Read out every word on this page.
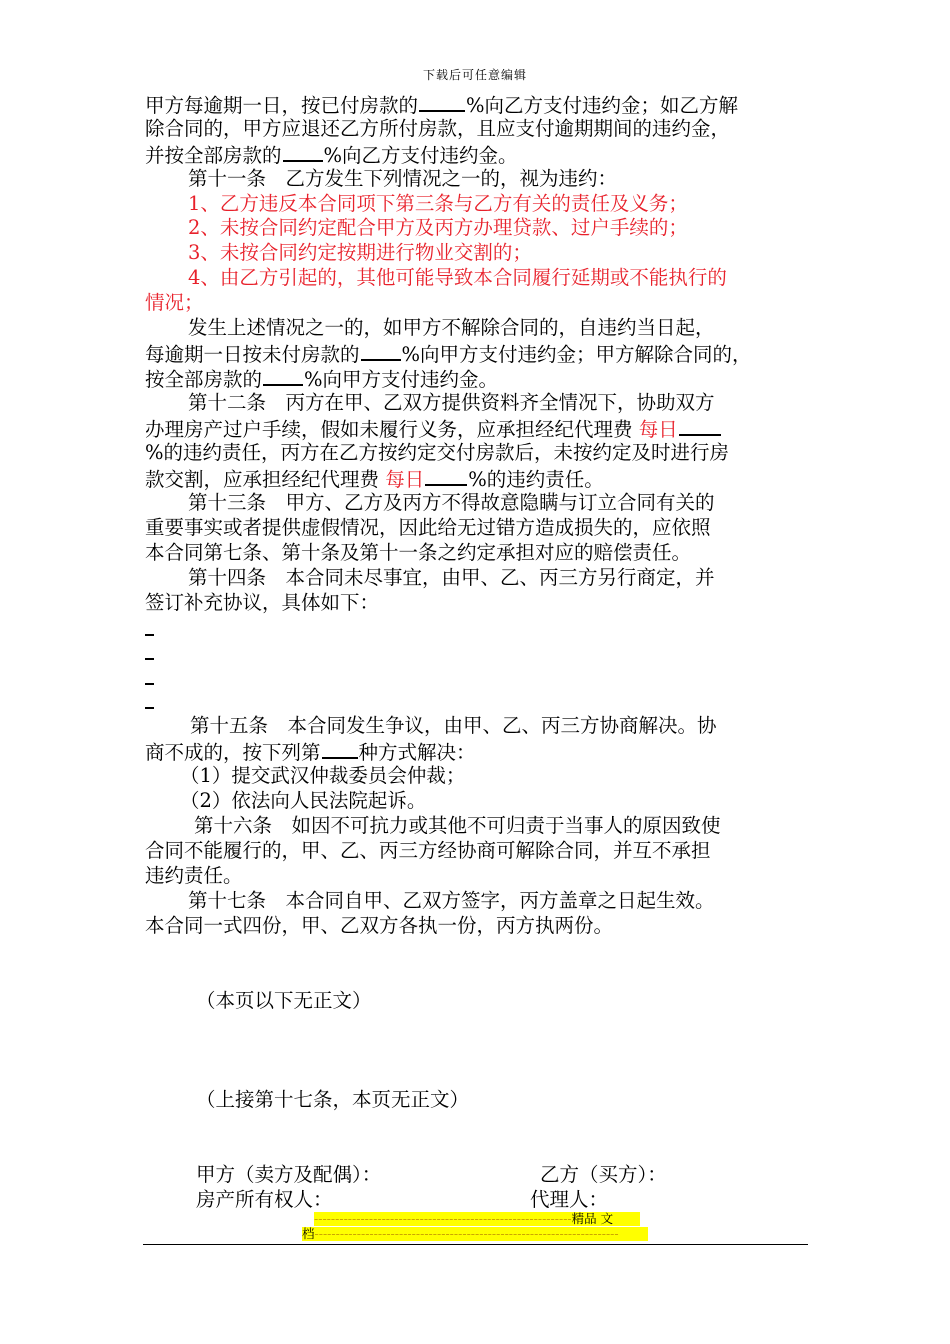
下载后可任意编辑
甲方每逾期一日，按已付房款的 %向乙方支付违约金；如乙方解
除合同的，甲方应退还乙方所付房款，且应支付逾期期间的违约金，
并按全部房款的 %向乙方支付违约金。
第十一条　乙方发生下列情况之一的，视为违约：
1、乙方违反本合同项下第三条与乙方有关的责任及义务；
2、未按合同约定配合甲方及丙方办理贷款、过户手续的；
3、未按合同约定按期进行物业交割的；
4、由乙方引起的，其他可能导致本合同履行延期或不能执行的
情况；
发生上述情况之一的，如甲方不解除合同的，自违约当日起，
每逾期一日按未付房款的 %向甲方支付违约金；甲方解除合同的，
按全部房款的 %向甲方支付违约金。
第十二条　丙方在甲、乙双方提供资料齐全情况下，协助双方
办理房产过户手续，假如未履行义务，应承担经纪代理费 每日
%的违约责任，丙方在乙方按约定交付房款后，未按约定及时进行房
款交割，应承担经纪代理费 每日 %的违约责任。
第十三条　甲方、乙方及丙方不得故意隐瞒与订立合同有关的
重要事实或者提供虚假情况，因此给无过错方造成损失的，应依照
本合同第七条、第十条及第十一条之约定承担对应的赔偿责任。
第十四条　本合同未尽事宜，由甲、乙、丙三方另行商定，并
签订补充协议，具体如下：
第十五条　本合同发生争议，由甲、乙、丙三方协商解决。协
商不成的，按下列第 种方式解决：
（1）提交武汉仲裁委员会仲裁；
（2）依法向人民法院起诉。
第十六条　如因不可抗力或其他不可归责于当事人的原因致使
合同不能履行的，甲、乙、丙三方经协商可解除合同，并互不承担
违约责任。
第十七条　本合同自甲、乙双方签字，丙方盖章之日起生效。
本合同一式四份，甲、乙双方各执一份，丙方执两份。
（本页以下无正文）
（上接第十七条，本页无正文）
甲方（卖方及配偶）：	乙方（买方）：
房产所有权人：	代理人：
-------------------------------------------------------------精品 文
档------------------------------------------------------------------------
